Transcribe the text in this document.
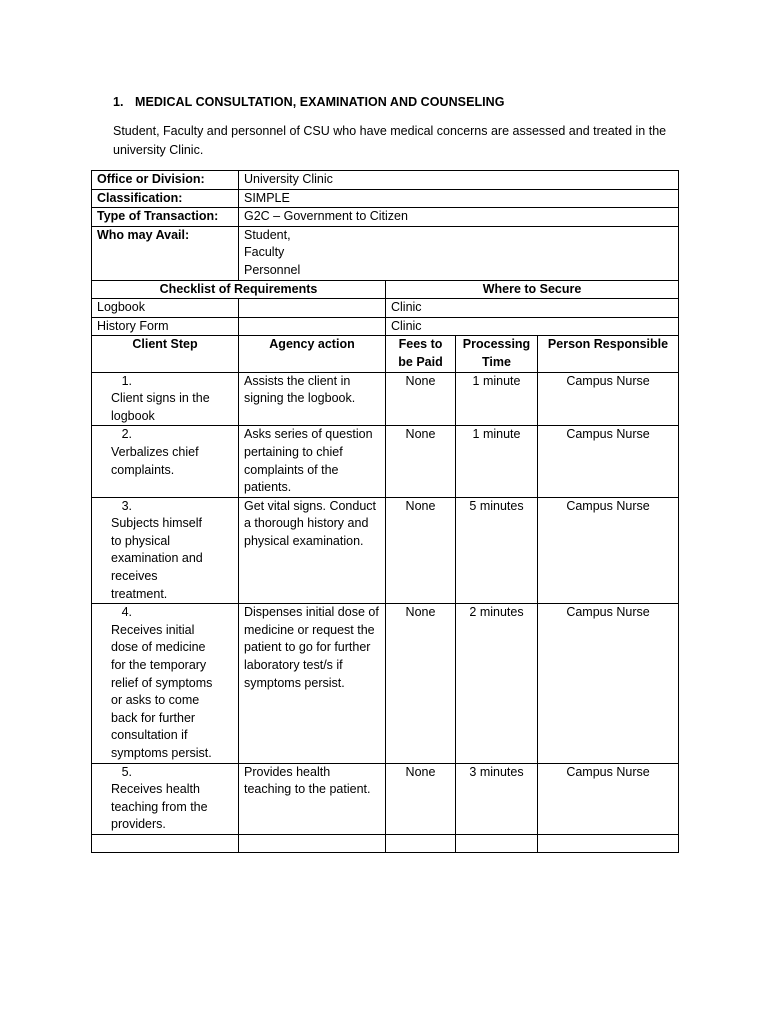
1. MEDICAL CONSULTATION, EXAMINATION AND COUNSELING
Student, Faculty and personnel of CSU who have medical concerns are assessed and treated in the university Clinic.
Office or Division:	University Clinic			
Classification:	SIMPLE			
Type of Transaction:	G2C – Government to Citizen			
Who may Avail:	Student,
Faculty
Personnel			

Checklist of Requirements		Where to Secure		
Logbook		Clinic		
History Form		Clinic		
Client Step	Agency action	Fees to be Paid	Processing Time	Person Responsible
1.Client signs in the logbook	Assists the client in signing the logbook.	None	1 minute	Campus Nurse
2.Verbalizes chief complaints.	Asks series of question pertaining to chief complaints of the patients.	None	1 minute	Campus Nurse
3.Subjects himself to physical examination and receives treatment.	Get vital signs. Conduct a thorough history and physical examination.	None	5 minutes	Campus Nurse
4.Receives initial dose of medicine for the temporary relief of symptoms or asks to come back for further consultation if symptoms persist.	Dispenses initial dose of medicine or request the patient to go for further laboratory test/s if symptoms persist.	None	2 minutes	Campus Nurse
5.Receives health teaching from the providers.	Provides health teaching to the patient.	None	3 minutes	Campus Nurse
